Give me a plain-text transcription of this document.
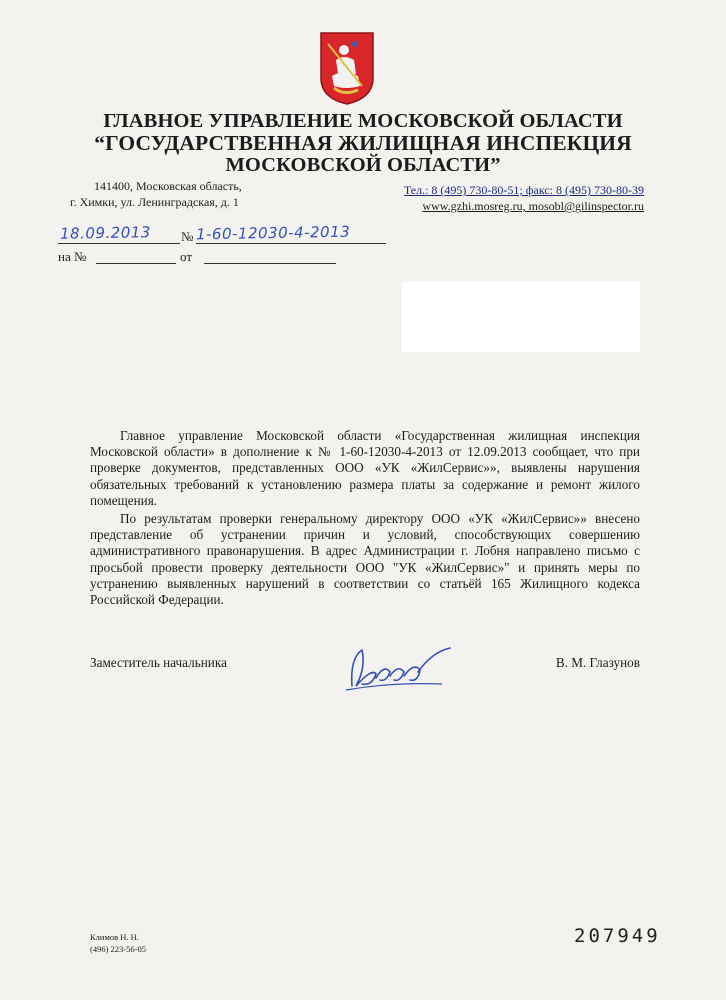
ГЛАВНОЕ УПРАВЛЕНИЕ МОСКОВСКОЙ ОБЛАСТИ
“ГОСУДАРСТВЕННАЯ ЖИЛИЩНАЯ ИНСПЕКЦИЯ
МОСКОВСКОЙ ОБЛАСТИ”
141400, Московская область,
г. Химки, ул. Ленинградская, д. 1
Тел.: 8 (495) 730-80-51; факс: 8 (495) 730-80-39
www.gzhi.mosreg.ru, mosobl@gilinspector.ru
18.09.2013 № 1-60-12030-4-2013
на №	от

Главное управление Московской области «Государственная жилищная инспекция Московской области» в дополнение к № 1-60-12030-4-2013 от 12.09.2013 сообщает, что при проверке документов, представленных ООО «УК «ЖилСервис»», выявлены нарушения обязательных требований к установлению размера платы за содержание и ремонт жилого помещения.

По результатам проверки генеральному директору ООО «УК «ЖилСервис»» внесено представление об устранении причин и условий, способствующих совершению административного правонарушения. В адрес Администрации г. Лобня направлено письмо с просьбой провести проверку деятельности ООО "УК «ЖилСервис»" и принять меры по устранению выявленных нарушений в соответствии со статьёй 165 Жилищного кодекса Российской Федерации.

Заместитель начальника	В. М. Глазунов
Климов Н. Н.
(496) 223-56-05
207949
